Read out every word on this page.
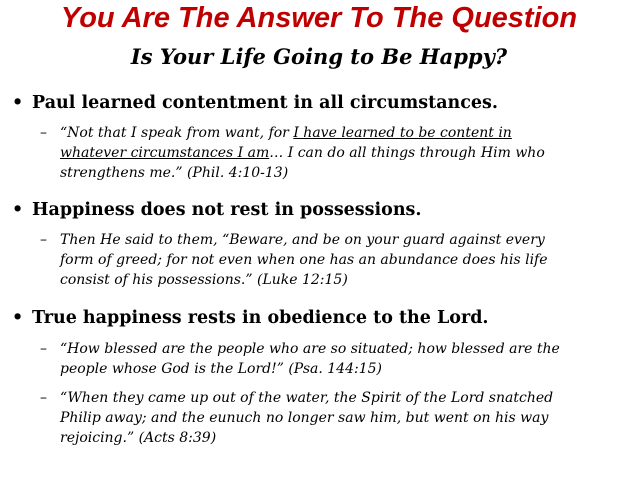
You Are The Answer To The Question
Is Your Life Going to Be Happy?
• Paul learned contentment in all circumstances.
– “Not that I speak from want, for I have learned to be content in
whatever circumstances I am… I can do all things through Him who
strengthens me.” (Phil. 4:10-13)
• Happiness does not rest in possessions.
– Then He said to them, “Beware, and be on your guard against every
form of greed; for not even when one has an abundance does his life
consist of his possessions.” (Luke 12:15)
• True happiness rests in obedience to the Lord.
– “How blessed are the people who are so situated; how blessed are the
people whose God is the Lord!” (Psa. 144:15)
– “When they came up out of the water, the Spirit of the Lord snatched
Philip away; and the eunuch no longer saw him, but went on his way
rejoicing.” (Acts 8:39)
